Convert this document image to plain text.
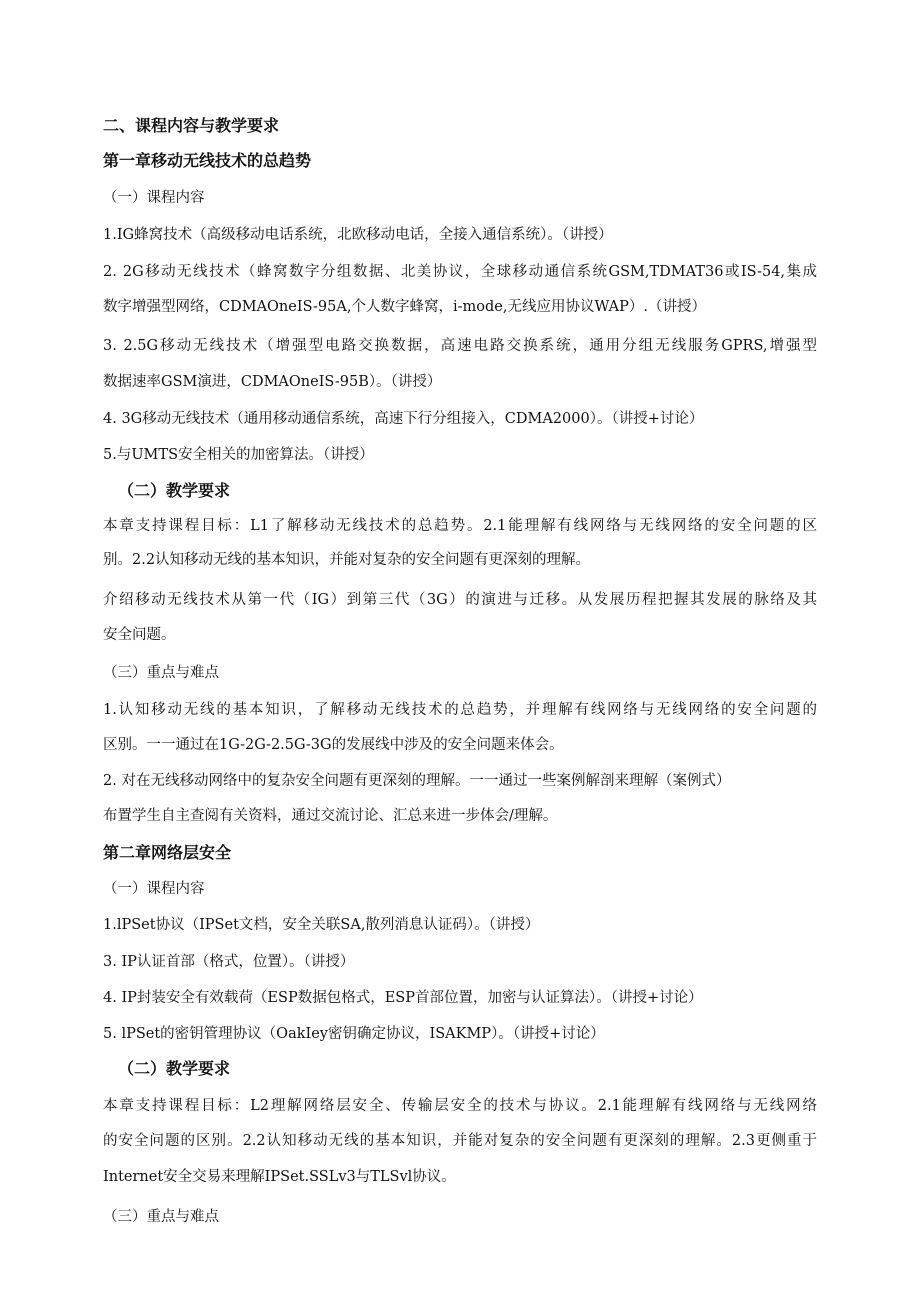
二、课程内容与教学要求
第一章移动无线技术的总趋势
（一）课程内容
1.IG蜂窝技术（高级移动电话系统，北欧移动电话，全接入通信系统）。（讲授）
2. 2G移动无线技术（蜂窝数字分组数据、北美协议，全球移动通信系统GSM,TDMAT36或IS-54,集成
数字增强型网络，CDMAOneIS-95A,个人数字蜂窝，i-mode,无线应用协议WAP）.（讲授）
3. 2.5G移动无线技术（增强型电路交换数据，高速电路交换系统，通用分组无线服务GPRS,增强型
数据速率GSM演进，CDMAOneIS-95B）。（讲授）
4. 3G移动无线技术（通用移动通信系统，高速下行分组接入，CDMA2000）。（讲授+讨论）
5.与UMTS安全相关的加密算法。（讲授）
（二）教学要求
本章支持课程目标：L1了解移动无线技术的总趋势。2.1能理解有线网络与无线网络的安全问题的区
别。2.2认知移动无线的基本知识，并能对复杂的安全问题有更深刻的理解。
介绍移动无线技术从第一代（IG）到第三代（3G）的演进与迁移。从发展历程把握其发展的脉络及其
安全问题。
（三）重点与难点
1.认知移动无线的基本知识，了解移动无线技术的总趋势，并理解有线网络与无线网络的安全问题的
区别。一一通过在1G-2G-2.5G-3G的发展线中涉及的安全问题来体会。
2. 对在无线移动网络中的复杂安全问题有更深刻的理解。一一通过一些案例解剖来理解（案例式）
布置学生自主查阅有关资料，通过交流讨论、汇总来进一步体会/理解。
第二章网络层安全
（一）课程内容
1.lPSet协议（IPSet文档，安全关联SA,散列消息认证码）。（讲授）
3. IP认证首部（格式，位置）。（讲授）
4. IP封装安全有效载荷（ESP数据包格式，ESP首部位置，加密与认证算法）。（讲授+讨论）
5. lPSet的密钥管理协议（OakIey密钥确定协议，ISAKMP）。（讲授+讨论）
（二）教学要求
本章支持课程目标：L2理解网络层安全、传输层安全的技术与协议。2.1能理解有线网络与无线网络
的安全问题的区别。2.2认知移动无线的基本知识，并能对复杂的安全问题有更深刻的理解。2.3更侧重于
Internet安全交易来理解IPSet.SSLv3与TLSvl协议。
（三）重点与难点
